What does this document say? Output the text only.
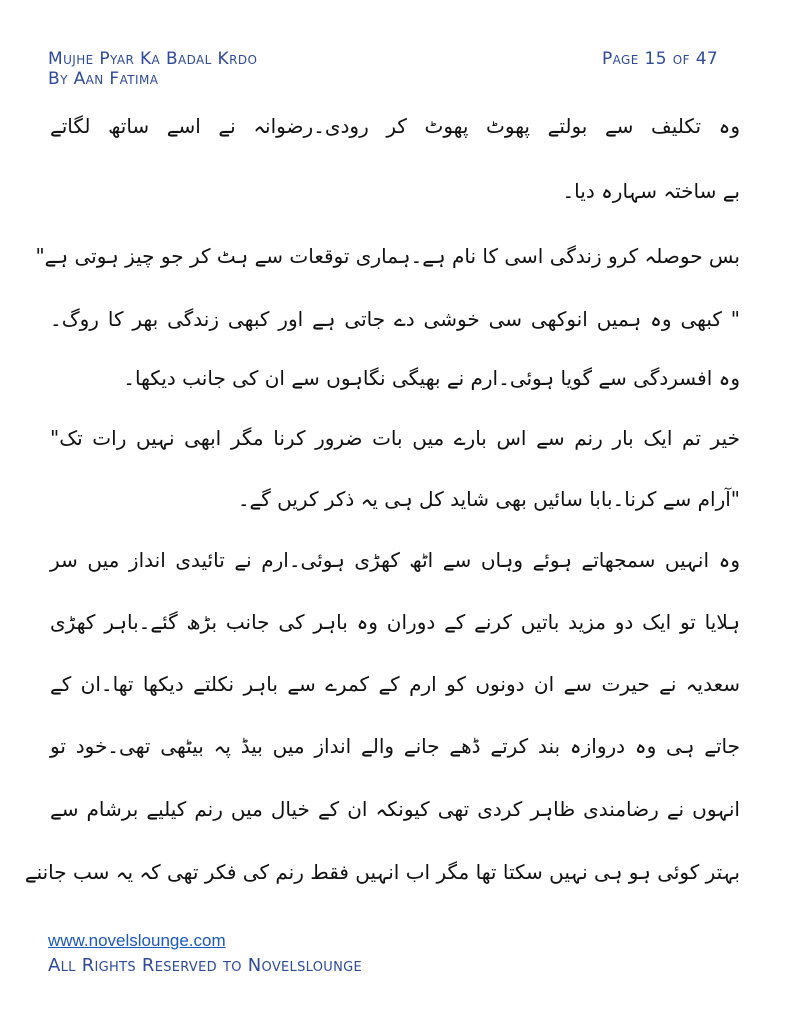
Mujhe Pyar Ka Badal Krdo
By Aan Fatima
Page 15 of 47
وہ تکلیف سے بولتے پھوٹ پھوٹ کر رودی۔رضوانہ نے اسے ساتھ لگاتے
بے ساختہ سہارہ دیا۔
بس حوصلہ کرو زندگی اسی کا نام ہے۔ہماری توقعات سے ہٹ کر جو چیز ہوتی ہے"
" کبھی وہ ہمیں انوکھی سی خوشی دے جاتی ہے اور کبھی زندگی بھر کا روگ۔
وہ افسردگی سے گویا ہوئی۔ارم نے بھیگی نگاہوں سے ان کی جانب دیکھا۔
خیر تم ایک بار رنم سے اس بارے میں بات ضرور کرنا مگر ابھی نہیں رات تک"
"آرام سے کرنا۔بابا سائیں بھی شاید کل ہی یہ ذکر کریں گے۔
وہ انہیں سمجھاتے ہوئے وہاں سے اٹھ کھڑی ہوئی۔ارم نے تائیدی انداز میں سر
ہلایا تو ایک دو مزید باتیں کرنے کے دوران وہ باہر کی جانب بڑھ گئے۔باہر کھڑی
سعدیہ نے حیرت سے ان دونوں کو ارم کے کمرے سے باہر نکلتے دیکھا تھا۔ان کے
جاتے ہی وہ دروازہ بند کرتے ڈھے جانے والے انداز میں بیڈ پہ بیٹھی تھی۔خود تو
انہوں نے رضامندی ظاہر کردی تھی کیونکہ ان کے خیال میں رنم کیلیے برشام سے
بہتر کوئی ہو ہی نہیں سکتا تھا مگر اب انہیں فقط رنم کی فکر تھی کہ یہ سب جاننے
www.novelslounge.com
All Rights Reserved to Novelslounge
